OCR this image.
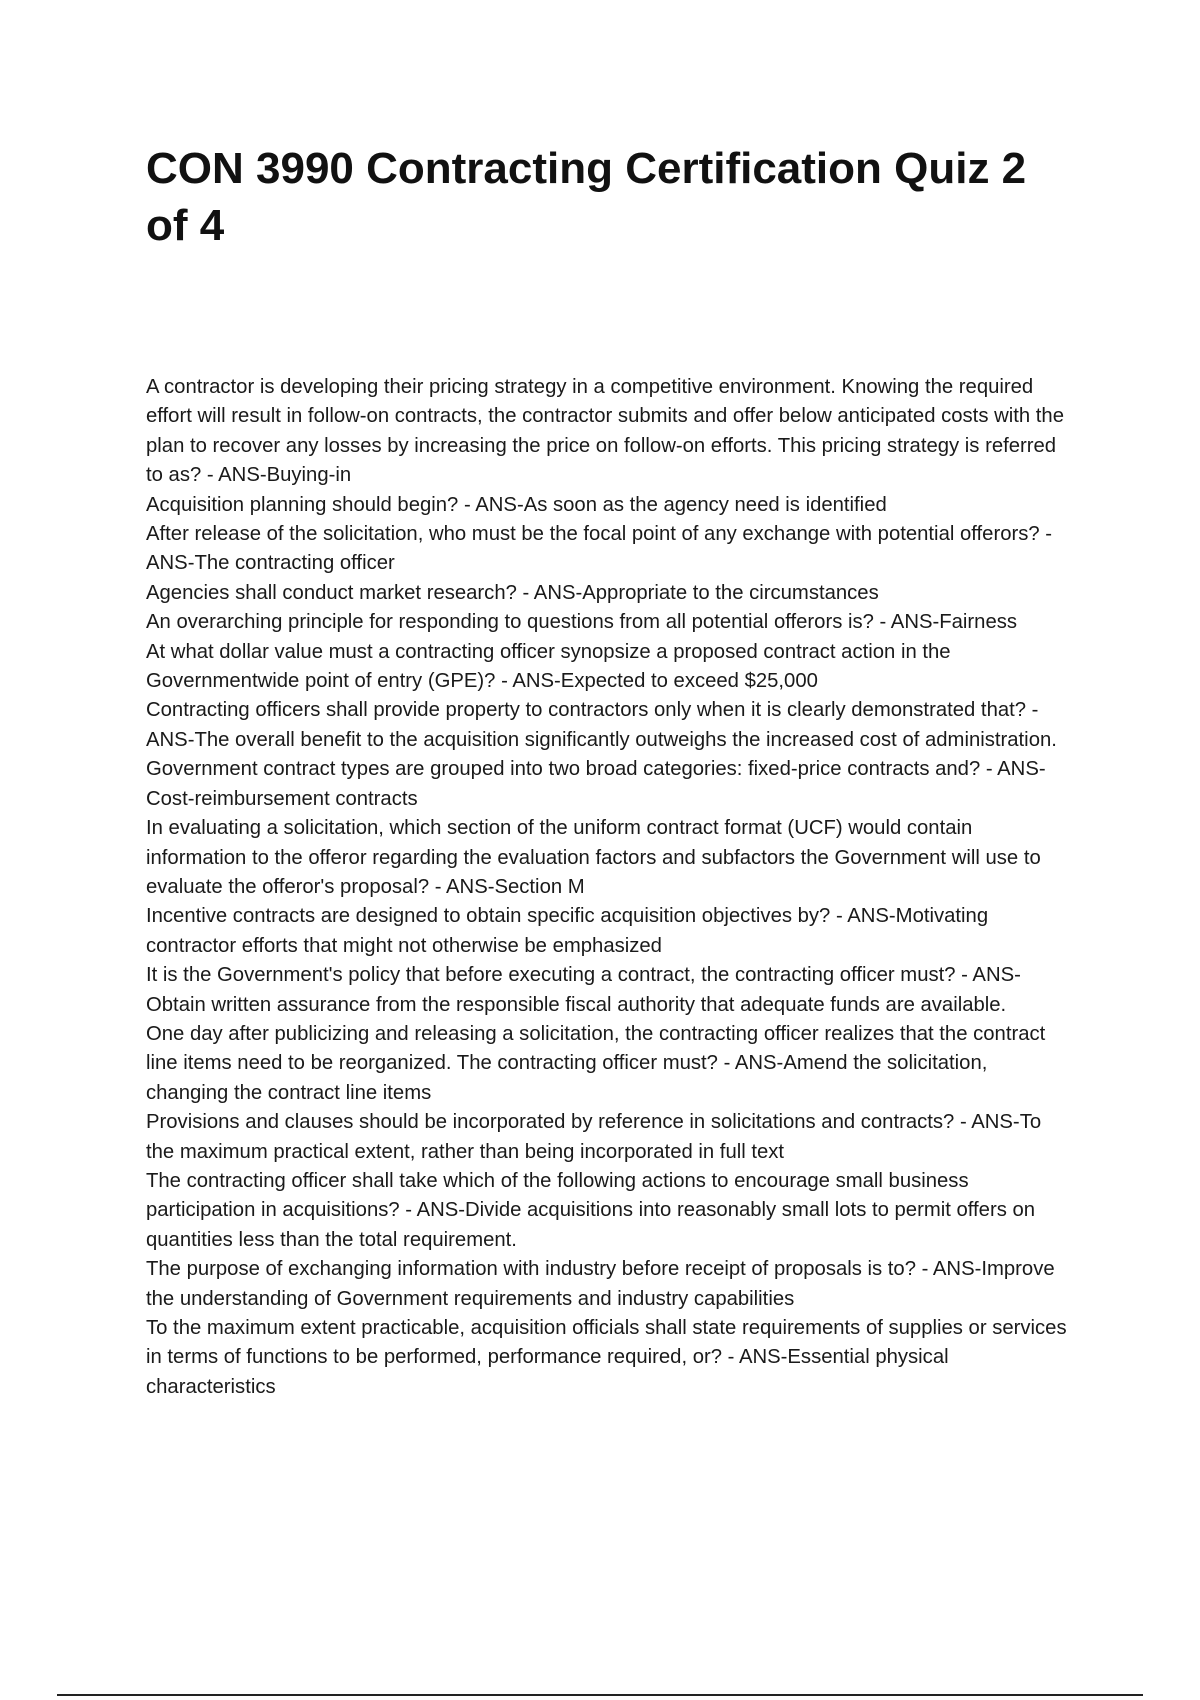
CON 3990 Contracting Certification Quiz 2 of 4

A contractor is developing their pricing strategy in a competitive environment. Knowing the required effort will result in follow-on contracts, the contractor submits and offer below anticipated costs with the plan to recover any losses by increasing the price on follow-on efforts. This pricing strategy is referred to as? - ANS-Buying-in

Acquisition planning should begin? - ANS-As soon as the agency need is identified

After release of the solicitation, who must be the focal point of any exchange with potential offerors? - ANS-The contracting officer

Agencies shall conduct market research? - ANS-Appropriate to the circumstances

An overarching principle for responding to questions from all potential offerors is? - ANS-Fairness

At what dollar value must a contracting officer synopsize a proposed contract action in the Governmentwide point of entry (GPE)? - ANS-Expected to exceed $25,000

Contracting officers shall provide property to contractors only when it is clearly demonstrated that? - ANS-The overall benefit to the acquisition significantly outweighs the increased cost of administration.

Government contract types are grouped into two broad categories: fixed-price contracts and? - ANS-Cost-reimbursement contracts

In evaluating a solicitation, which section of the uniform contract format (UCF) would contain information to the offeror regarding the evaluation factors and subfactors the Government will use to evaluate the offeror's proposal? - ANS-Section M

Incentive contracts are designed to obtain specific acquisition objectives by? - ANS-Motivating contractor efforts that might not otherwise be emphasized

It is the Government's policy that before executing a contract, the contracting officer must? - ANS-Obtain written assurance from the responsible fiscal authority that adequate funds are available.

One day after publicizing and releasing a solicitation, the contracting officer realizes that the contract line items need to be reorganized. The contracting officer must? - ANS-Amend the solicitation, changing the contract line items

Provisions and clauses should be incorporated by reference in solicitations and contracts? - ANS-To the maximum practical extent, rather than being incorporated in full text

The contracting officer shall take which of the following actions to encourage small business participation in acquisitions? - ANS-Divide acquisitions into reasonably small lots to permit offers on quantities less than the total requirement.

The purpose of exchanging information with industry before receipt of proposals is to? - ANS-Improve the understanding of Government requirements and industry capabilities

To the maximum extent practicable, acquisition officials shall state requirements of supplies or services in terms of functions to be performed, performance required, or? - ANS-Essential physical characteristics
